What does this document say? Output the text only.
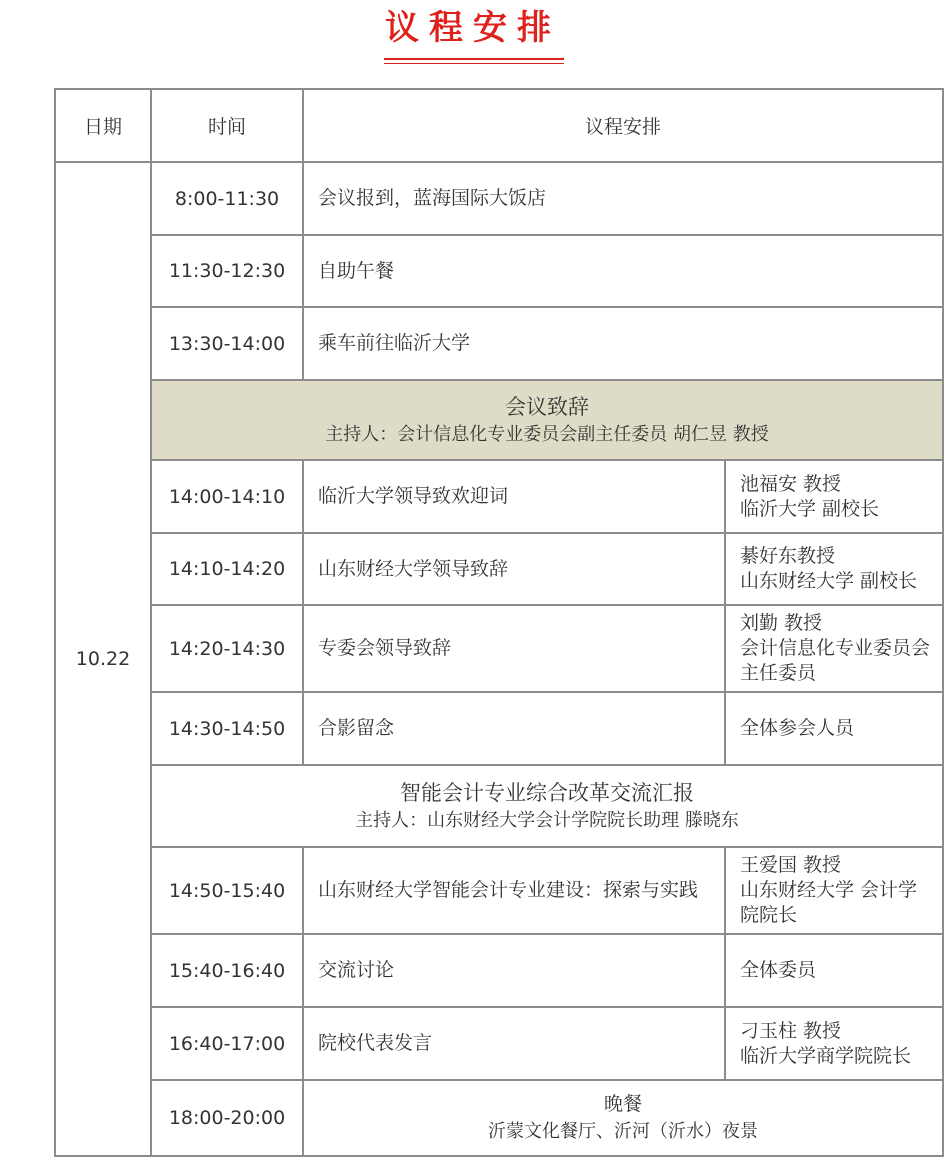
议程安排
日期	时间	议程安排	
10.22	8:00-11:30	会议报到，蓝海国际大饭店	
	11:30-12:30	自助午餐	
	13:30-14:00	乘车前往临沂大学	

	会议致辞
主持人：会计信息化专业委员会副主任委员 胡仁昱 教授		

	14:00-14:10	临沂大学领导致欢迎词	池福安 教授
临沂大学 副校长
	14:10-14:20	山东财经大学领导致辞	綦好东教授
山东财经大学 副校长
	14:20-14:30	专委会领导致辞	刘勤 教授
会计信息化专业委员会主任委员
	14:30-14:50	合影留念	全体参会人员

	智能会计专业综合改革交流汇报
主持人：山东财经大学会计学院院长助理 滕晓东		

	14:50-15:40	山东财经大学智能会计专业建设：探索与实践	王爱国 教授
山东财经大学 会计学院院长
	15:40-16:40	交流讨论	全体委员
	16:40-17:00	院校代表发言	刁玉柱 教授
临沂大学商学院院长
	18:00-20:00	晚餐
沂蒙文化餐厅、沂河（沂水）夜景	
